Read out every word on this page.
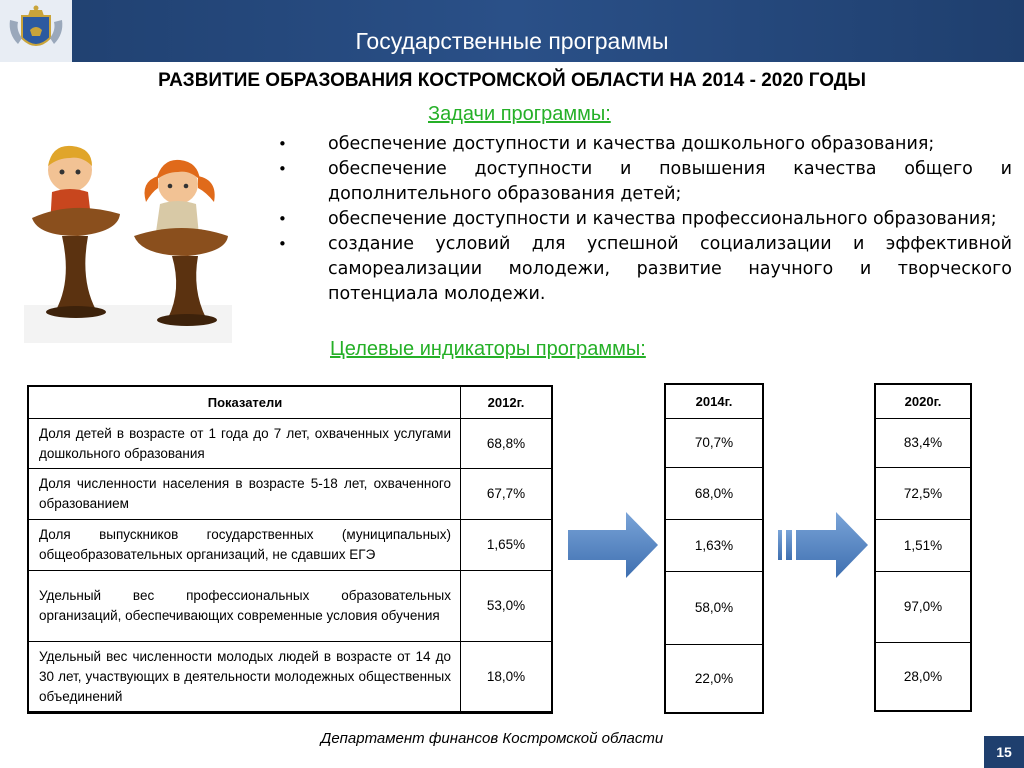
Государственные программы
РАЗВИТИЕ ОБРАЗОВАНИЯ КОСТРОМСКОЙ ОБЛАСТИ НА 2014 - 2020 ГОДЫ
Задачи программы:
• обеспечение доступности и качества дошкольного образования;
• обеспечение доступности и повышения качества общего и дополнительного образования детей;
• обеспечение доступности и качества профессионального образования;
• создание условий для успешной социализации и эффективной самореализации молодежи, развитие научного и творческого потенциала молодежи.
Целевые индикаторы программы:
Показатели	2012г.
Доля детей в возрасте от 1 года до 7 лет, охваченных услугами дошкольного образования
68,8%
Доля численности населения в возрасте 5-18 лет, охваченного образованием
67,7%
Доля выпускников государственных (муниципальных) общеобразовательных организаций, не сдавших ЕГЭ
1,65%
Удельный вес профессиональных образовательных организаций, обеспечивающих современные условия обучения
53,0%
Удельный вес численности молодых людей в возрасте от 14 до 30 лет, участвующих в деятельности молодежных общественных объединений
18,0%
2014г.
70,7%
68,0%
1,63%
58,0%
22,0%
2020г.
83,4%
72,5%
1,51%
97,0%
28,0%
Департамент финансов Костромской области
15
